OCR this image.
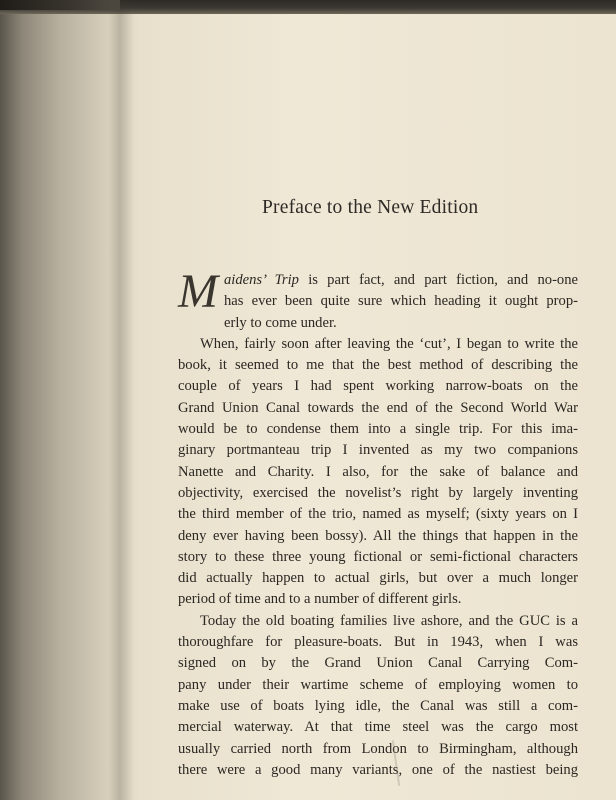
Preface to the New Edition
M aidens’ Trip is part fact, and part fiction, and no-one
has ever been quite sure which heading it ought prop-
erly to come under.
When, fairly soon after leaving the ‘cut’, I began to write the
book, it seemed to me that the best method of describing the
couple of years I had spent working narrow-boats on the
Grand Union Canal towards the end of the Second World War
would be to condense them into a single trip. For this ima-
ginary portmanteau trip I invented as my two companions
Nanette and Charity. I also, for the sake of balance and
objectivity, exercised the novelist’s right by largely inventing
the third member of the trio, named as myself; (sixty years on I
deny ever having been bossy). All the things that happen in the
story to these three young fictional or semi-fictional characters
did actually happen to actual girls, but over a much longer
period of time and to a number of different girls.
Today the old boating families live ashore, and the GUC is a
thoroughfare for pleasure-boats. But in 1943, when I was
signed on by the Grand Union Canal Carrying Com-
pany under their wartime scheme of employing women to
make use of boats lying idle, the Canal was still a com-
mercial waterway. At that time steel was the cargo most
usually carried north from London to Birmingham, although
there were a good many variants, one of the nastiest being
